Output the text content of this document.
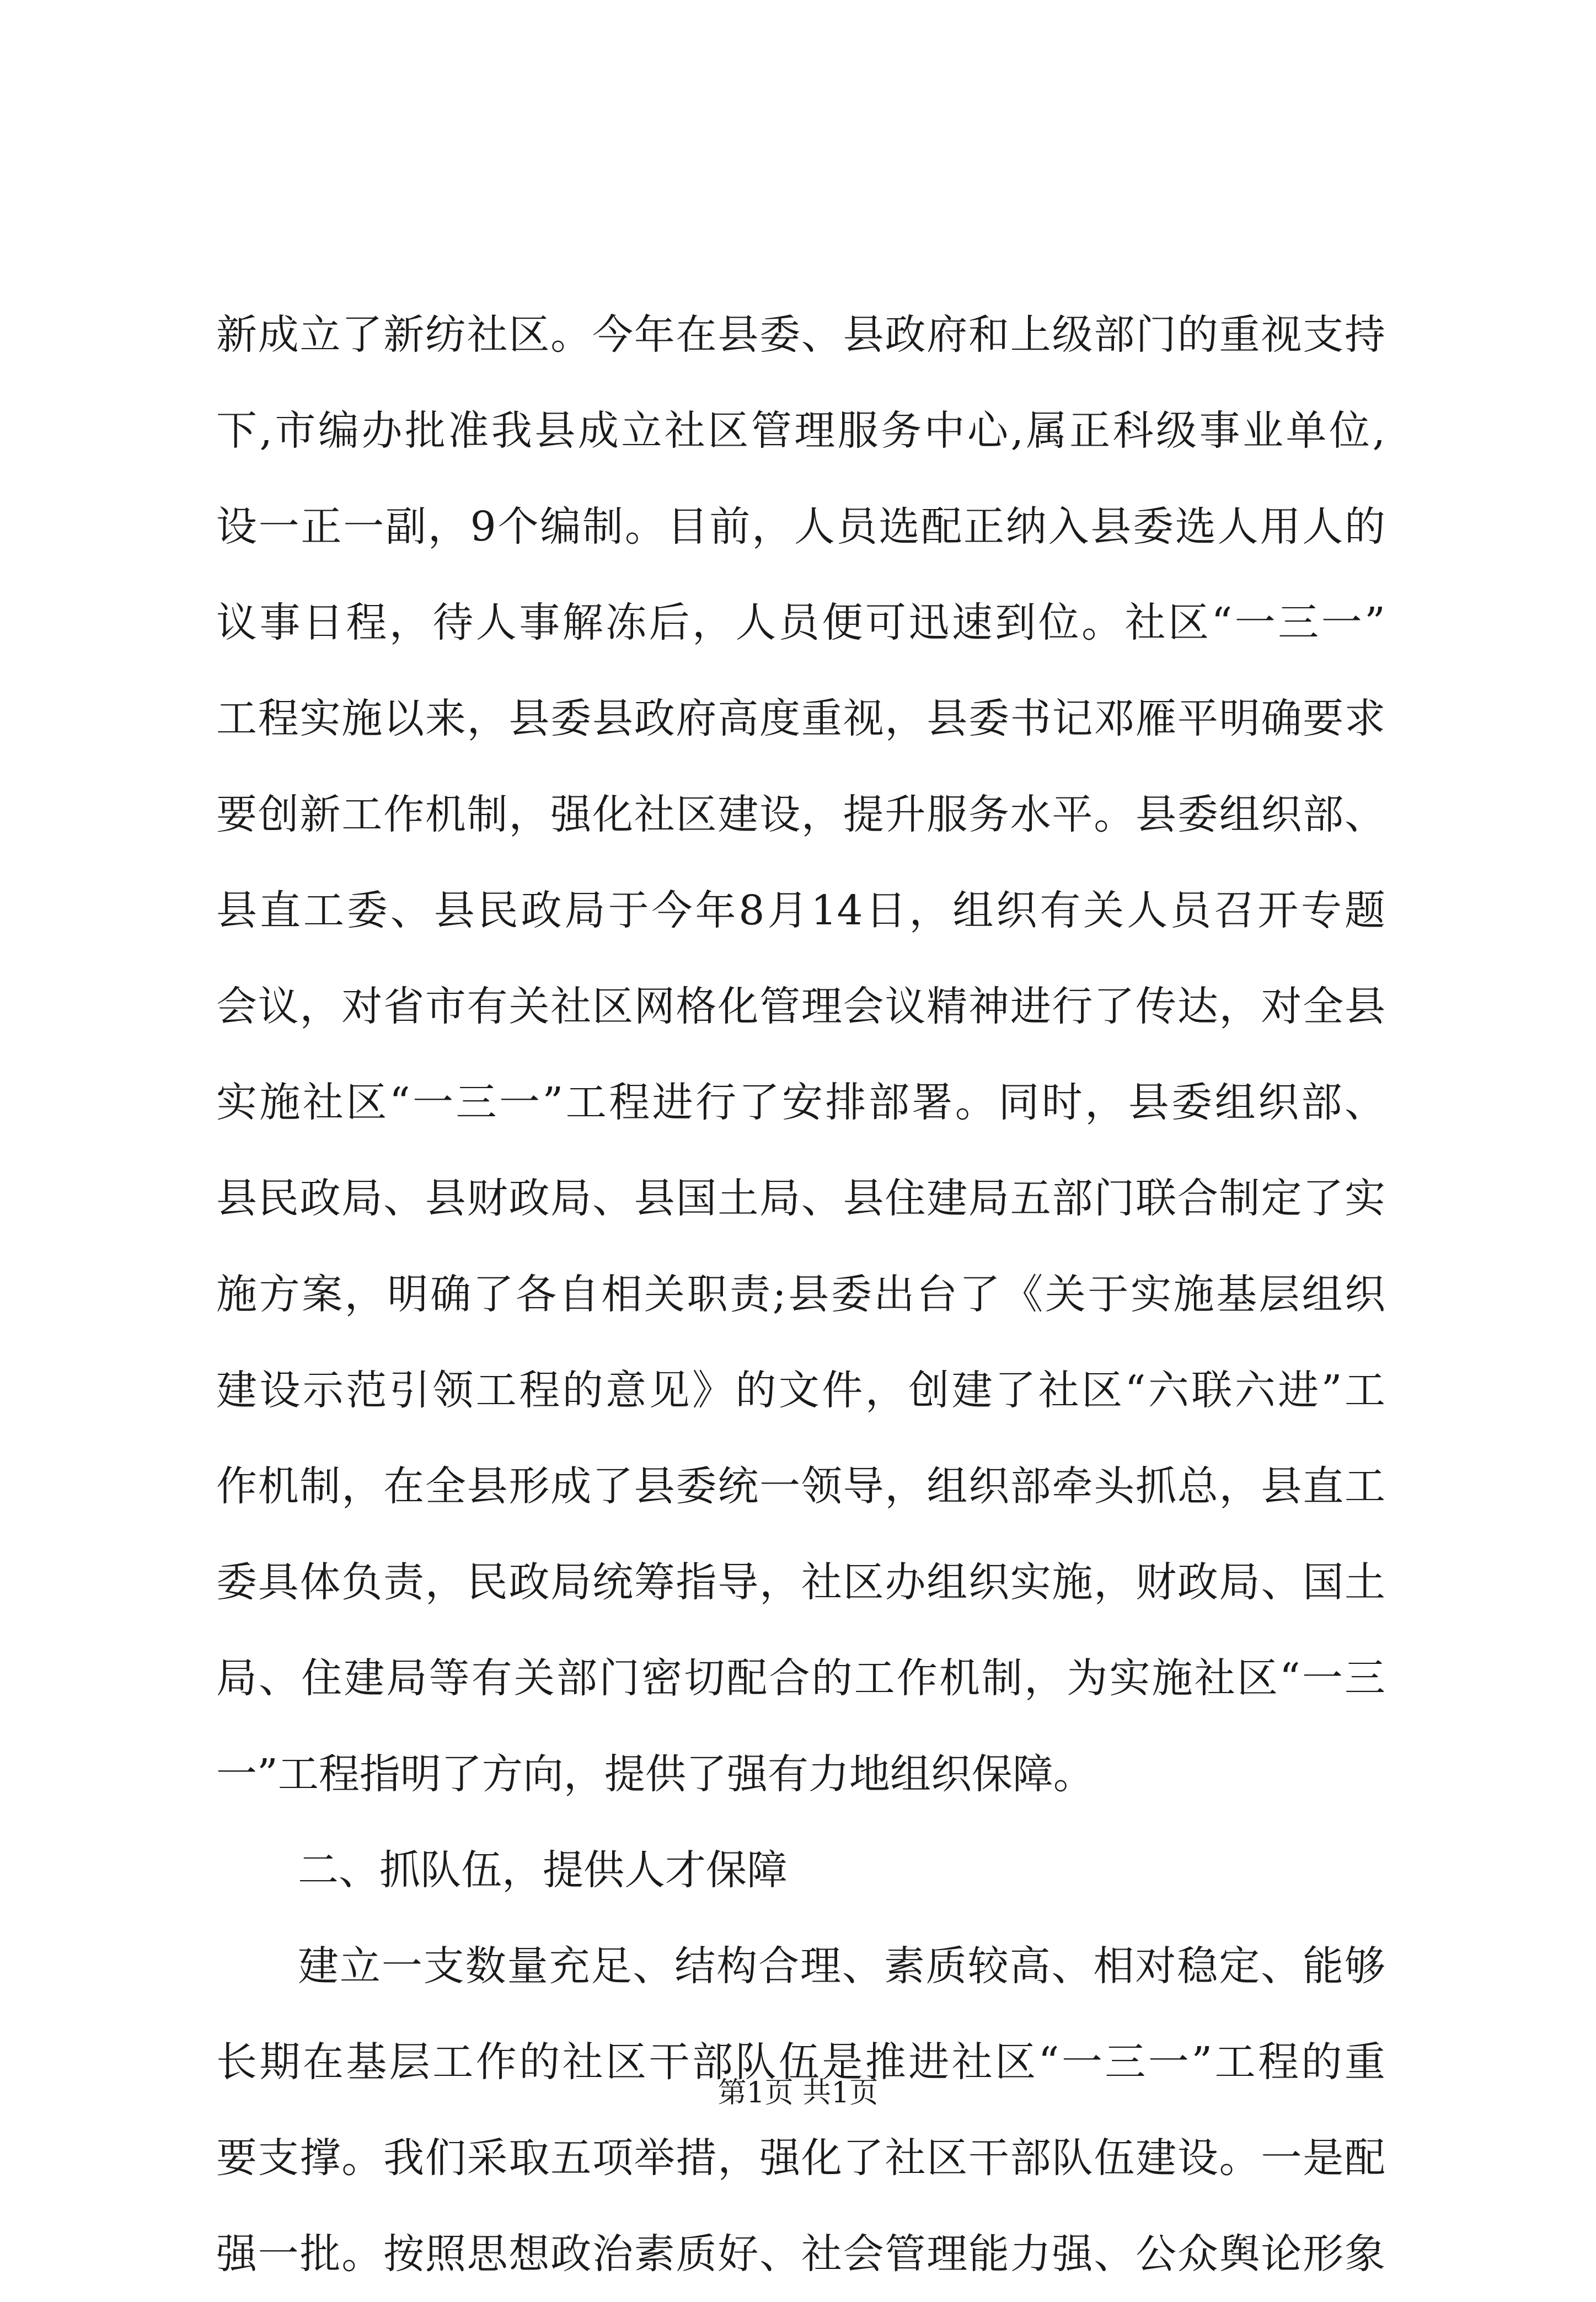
新成立了新纺社区。今年在县委、县政府和上级部门的重视支持
下,市编办批准我县成立社区管理服务中心,属正科级事业单位,
设一正一副，9个编制。目前，人员选配正纳入县委选人用人的
议事日程，待人事解冻后，人员便可迅速到位。社区“一三一”
工程实施以来，县委县政府高度重视，县委书记邓雁平明确要求
要创新工作机制，强化社区建设，提升服务水平。县委组织部、
县直工委、县民政局于今年8月14日，组织有关人员召开专题
会议，对省市有关社区网格化管理会议精神进行了传达，对全县
实施社区“一三一”工程进行了安排部署。同时，县委组织部、
县民政局、县财政局、县国土局、县住建局五部门联合制定了实
施方案，明确了各自相关职责;县委出台了《关于实施基层组织
建设示范引领工程的意见》的文件，创建了社区“六联六进”工
作机制，在全县形成了县委统一领导，组织部牵头抓总，县直工
委具体负责，民政局统筹指导，社区办组织实施，财政局、国土
局、住建局等有关部门密切配合的工作机制，为实施社区“一三
一”工程指明了方向，提供了强有力地组织保障。
二、抓队伍，提供人才保障
建立一支数量充足、结构合理、素质较高、相对稳定、能够
长期在基层工作的社区干部队伍是推进社区“一三一”工程的重
要支撑。我们采取五项举措，强化了社区干部队伍建设。一是配
强一批。按照思想政治素质好、社会管理能力强、公众舆论形象
第1页 共1页
